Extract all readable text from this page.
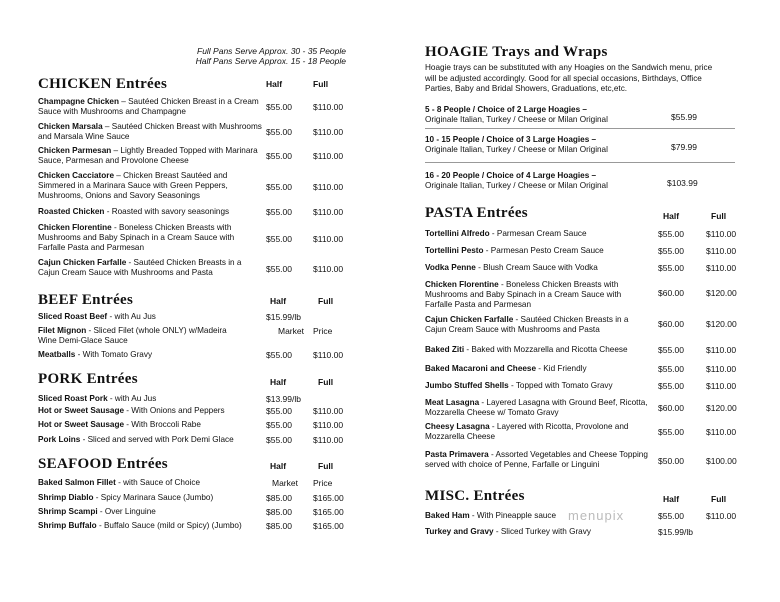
Full Pans Serve Approx. 30 - 35 People
Half Pans Serve Approx. 15 - 18 People
CHICKEN Entrées	Half	Full
Champagne Chicken – Sautéed Chicken Breast in a Cream Sauce with Mushrooms and Champagne	$55.00 $110.00
Chicken Marsala – Sautéed Chicken Breast with Mushrooms and Marsala Wine Sauce	$55.00 $110.00
Chicken Parmesan – Lightly Breaded Topped with Marinara Sauce, Parmesan and Provolone Cheese	$55.00 $110.00
Chicken Cacciatore – Chicken Breast Sautéed and Simmered in a Marinara Sauce with Green Peppers, Mushrooms, Onions and Savory Seasonings
$55.00 $110.00
Roasted Chicken - Roasted with savory seasonings	$55.00 $110.00
Chicken Florentine - Boneless Chicken Breasts with Mushrooms and Baby Spinach in a Cream Sauce with Farfalle Pasta and Parmesan
$55.00 $110.00
Cajun Chicken Farfalle - Sautéed Chicken Breasts in a Cajun Cream Sauce with Mushrooms and Pasta	$55.00 $110.00
BEEF Entrées	Half	Full
Sliced Roast Beef - with Au Jus	$15.99/lb
Filet Mignon - Sliced Filet (whole ONLY) w/Madeira Wine Demi-Glace Sauce
Market Price
Meatballs - With Tomato Gravy	$55.00 $110.00
PORK Entrées	Half	Full
Sliced Roast Pork - with Au Jus	$13.99/lb
Hot or Sweet Sausage - With Onions and Peppers	$55.00 $110.00
Hot or Sweet Sausage - With Broccoli Rabe	$55.00 $110.00
Pork Loins - Sliced and served with Pork Demi Glace	$55.00 $110.00
SEAFOOD Entrées	Half	Full
Baked Salmon Fillet - with Sauce of Choice	Market Price
Shrimp Diablo - Spicy Marinara Sauce (Jumbo)	$85.00 $165.00
Shrimp Scampi - Over Linguine	$85.00 $165.00
Shrimp Buffalo - Buffalo Sauce (mild or Spicy) (Jumbo)	$85.00 $165.00
HOAGIE Trays and Wraps
Hoagie trays can be substituted with any Hoagies on the Sandwich menu, price will be adjusted accordingly. Good for all special occasions, Birthdays, Office Parties, Baby and Bridal Showers, Graduations, etc,etc.
5 - 8 People / Choice of 2 Large Hoagies –
Originale Italian, Turkey / Cheese or Milan Original	$55.99
10 - 15 People / Choice of 3 Large Hoagies –
Originale Italian, Turkey / Cheese or Milan Original	$79.99
16 - 20 People / Choice of 4 Large Hoagies –
Originale Italian, Turkey / Cheese or Milan Original	$103.99
PASTA Entrées	Half	Full
Tortellini Alfredo - Parmesan Cream Sauce	$55.00	$110.00
Tortellini Pesto - Parmesan Pesto Cream Sauce	$55.00	$110.00
Vodka Penne - Blush Cream Sauce with Vodka	$55.00	$110.00
Chicken Florentine - Boneless Chicken Breasts with Mushrooms and Baby Spinach in a Cream Sauce with Farfalle Pasta and Parmesan
$60.00	$120.00
Cajun Chicken Farfalle - Sautéed Chicken Breasts in a Cajun Cream Sauce with Mushrooms and Pasta
$60.00	$120.00
Baked Ziti - Baked with Mozzarella and Ricotta Cheese	$55.00	$110.00
Baked Macaroni and Cheese - Kid Friendly	$55.00	$110.00
Jumbo Stuffed Shells - Topped with Tomato Gravy	$55.00	$110.00
Meat Lasagna - Layered Lasagna with Ground Beef, Ricotta, Mozzarella Cheese w/ Tomato Gravy	$60.00	$120.00
Cheesy Lasagna - Layered with Ricotta, Provolone and Mozzarella Cheese	$55.00	$110.00
Pasta Primavera - Assorted Vegetables and Cheese Topping served with choice of Penne, Farfalle or Linguini	$50.00	$100.00
MISC. Entrées	Half	Full
Baked Ham - With Pineapple sauce	$55.00	$110.00
Turkey and Gravy - Sliced Turkey with Gravy	$15.99/lb
menupix
